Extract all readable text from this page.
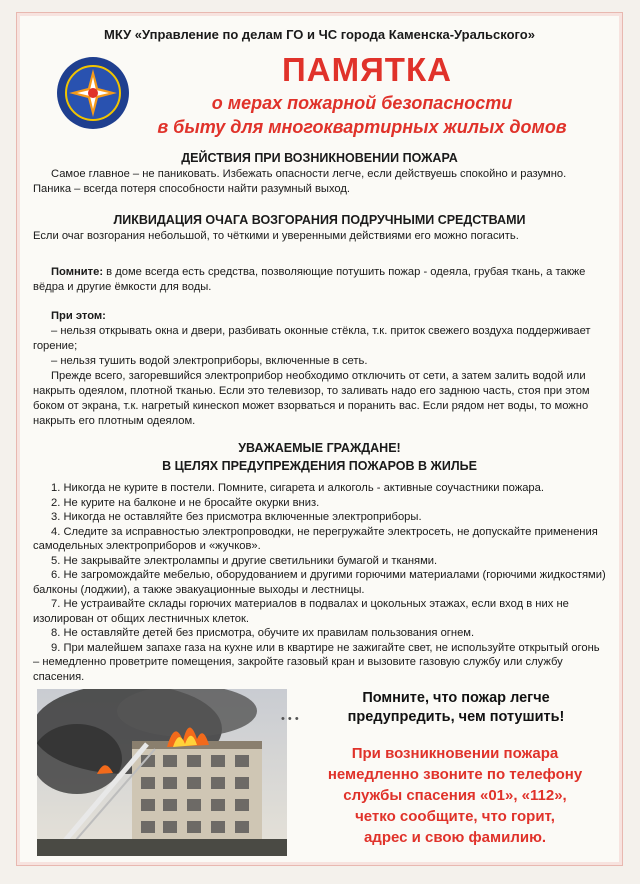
МКУ «Управление по делам ГО и ЧС города Каменска-Уральского»
ПАМЯТКА
о мерах пожарной безопасности
в быту для многоквартирных жилых домов
ДЕЙСТВИЯ ПРИ ВОЗНИКНОВЕНИИ ПОЖАРА
Самое главное – не паниковать. Избежать опасности легче, если действуешь спокойно и разумно. Паника – всегда потеря способности найти разумный выход.
ЛИКВИДАЦИЯ ОЧАГА ВОЗГОРАНИЯ ПОДРУЧНЫМИ СРЕДСТВАМИ
Если очаг возгорания небольшой, то чёткими и уверенными действиями его можно погасить.
Помните: в доме всегда есть средства, позволяющие потушить пожар - одеяла, грубая ткань, а также вёдра и другие ёмкости для воды.
При этом:
– нельзя открывать окна и двери, разбивать оконные стёкла, т.к. приток свежего воздуха поддерживает горение;
– нельзя тушить водой электроприборы, включенные в сеть.
Прежде всего, загоревшийся электроприбор необходимо отключить от сети, а затем залить водой или накрыть одеялом, плотной тканью. Если это телевизор, то заливать надо его заднюю часть, стоя при этом боком от экрана, т.к. нагретый кинескоп может взорваться и поранить вас. Если рядом нет воды, то можно накрыть его плотным одеялом.
УВАЖАЕМЫЕ ГРАЖДАНЕ!
В ЦЕЛЯХ ПРЕДУПРЕЖДЕНИЯ ПОЖАРОВ В ЖИЛЬЕ
1. Никогда не курите в постели. Помните, сигарета и алкоголь - активные соучастники пожара.
2. Не курите на балконе и не бросайте окурки вниз.
3. Никогда не оставляйте без присмотра включенные электроприборы.
4. Следите за исправностью электропроводки, не перегружайте электросеть, не допускайте применения самодельных электроприборов и «жучков».
5. Не закрывайте электролампы и другие светильники бумагой и тканями.
6. Не загромождайте мебелью, оборудованием и другими горючими материалами (горючими жидкостями) балконы (лоджии), а также эвакуационные выходы и лестницы.
7. Не устраивайте склады горючих материалов в подвалах и цокольных этажах, если вход в них не изолирован от общих лестничных клеток.
8. Не оставляйте детей без присмотра, обучите их правилам пользования огнем.
9. При малейшем запахе газа на кухне или в квартире не зажигайте свет, не используйте открытый огонь – немедленно проветрите помещения, закройте газовый кран и вызовите газовую службу или службу спасения.
• • •
Помните, что пожар легче
предупредить, чем потушить!
При возникновении пожара
немедленно звоните по телефону
службы спасения «01», «112»,
четко сообщите, что горит,
адрес и свою фамилию.
